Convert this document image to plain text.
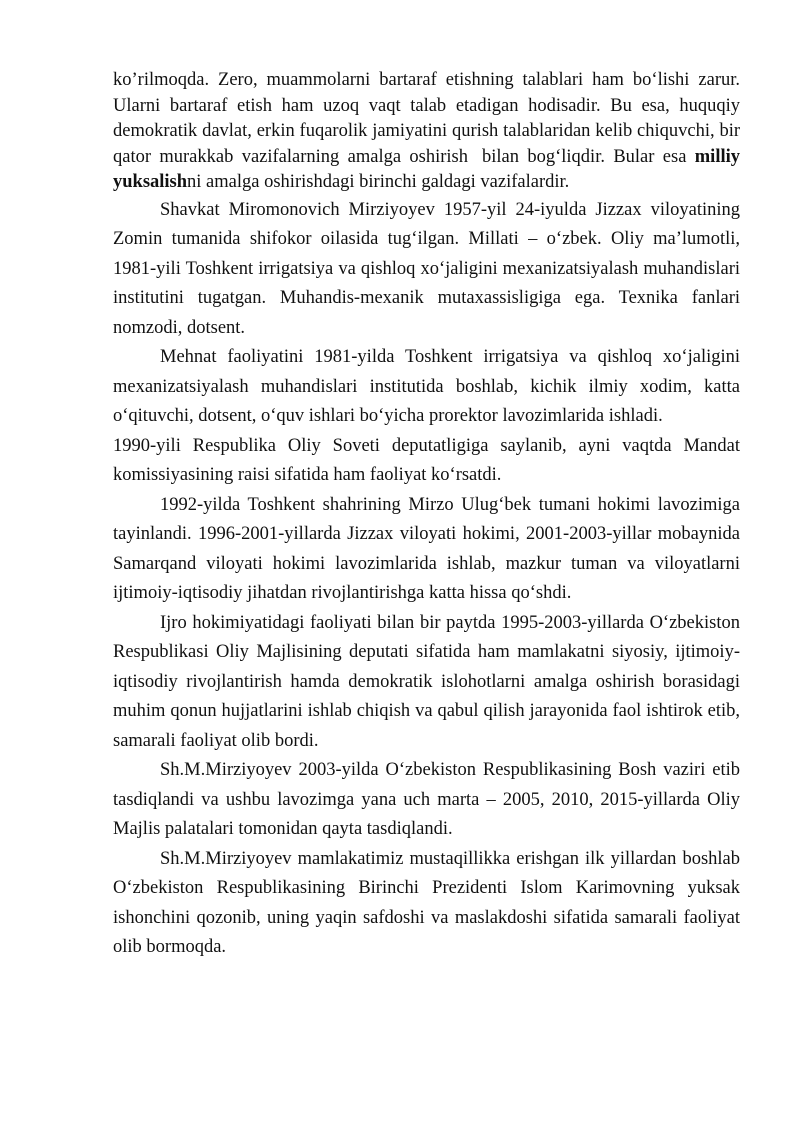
ko’rilmoqda. Zero, muammolarni bartaraf etishning talablari ham bo‘lishi zarur. Ularni bartaraf etish ham uzoq vaqt talab etadigan hodisadir. Bu esa, huquqiy demokratik davlat, erkin fuqarolik jamiyatini qurish talablaridan kelib chiquvchi, bir qator murakkab vazifalarning amalga oshirish bilan bog‘liqdir. Bular esa milliy yuksalishni amalga oshirishdagi birinchi galdagi vazifalardir.

Shavkat Miromonovich Mirziyoyev 1957-yil 24-iyulda Jizzax viloyatining Zomin tumanida shifokor oilasida tug‘ilgan. Millati – o‘zbek. Oliy ma’lumotli, 1981-yili Toshkent irrigatsiya va qishloq xo‘jaligini mexanizatsiyalash muhandislari institutini tugatgan. Muhandis-mexanik mutaxassisligiga ega. Texnika fanlari nomzodi, dotsent.

Mehnat faoliyatini 1981-yilda Toshkent irrigatsiya va qishloq xo‘jaligini mexanizatsiyalash muhandislari institutida boshlab, kichik ilmiy xodim, katta o‘qituvchi, dotsent, o‘quv ishlari bo‘yicha prorektor lavozimlarida ishladi.

1990-yili Respublika Oliy Soveti deputatligiga saylanib, ayni vaqtda Mandat komissiyasining raisi sifatida ham faoliyat ko‘rsatdi.

1992-yilda Toshkent shahrining Mirzo Ulug‘bek tumani hokimi lavozimiga tayinlandi. 1996-2001-yillarda Jizzax viloyati hokimi, 2001-2003-yillar mobaynida Samarqand viloyati hokimi lavozimlarida ishlab, mazkur tuman va viloyatlarni ijtimoiy-iqtisodiy jihatdan rivojlantirishga katta hissa qo‘shdi.

Ijro hokimiyatidagi faoliyati bilan bir paytda 1995-2003-yillarda O‘zbekiston Respublikasi Oliy Majlisining deputati sifatida ham mamlakatni siyosiy, ijtimoiy-iqtisodiy rivojlantirish hamda demokratik islohotlarni amalga oshirish borasidagi muhim qonun hujjatlarini ishlab chiqish va qabul qilish jarayonida faol ishtirok etib, samarali faoliyat olib bordi.

Sh.M.Mirziyoyev 2003-yilda O‘zbekiston Respublikasining Bosh vaziri etib tasdiqlandi va ushbu lavozimga yana uch marta – 2005, 2010, 2015-yillarda Oliy Majlis palatalari tomonidan qayta tasdiqlandi.

Sh.M.Mirziyoyev mamlakatimiz mustaqillikka erishgan ilk yillardan boshlab O‘zbekiston Respublikasining Birinchi Prezidenti Islom Karimovning yuksak ishonchini qozonib, uning yaqin safdoshi va maslakdoshi sifatida samarali faoliyat olib bormoqda.
